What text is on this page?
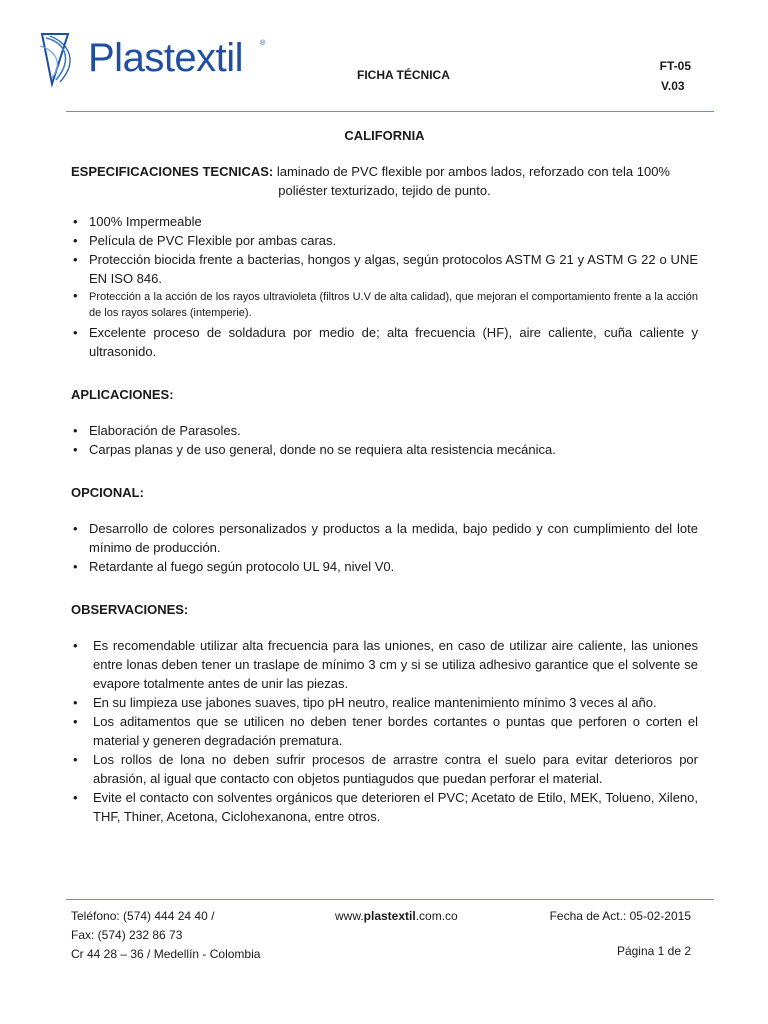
Plastextil ®
FICHA TÉCNICA
FT-05
V.03

CALIFORNIA

ESPECIFICACIONES TECNICAS: laminado de PVC flexible por ambos lados, reforzado con tela 100%

poliéster texturizado, tejido de punto.

• 100% Impermeable
• Película de PVC Flexible por ambas caras.
• Protección biocida frente a bacterias, hongos y algas, según protocolos ASTM G 21 y ASTM G 22 o UNE EN ISO 846.
• Protección a la acción de los rayos ultravioleta (filtros U.V de alta calidad), que mejoran el comportamiento frente a la acción de los rayos solares (intemperie).
• Excelente proceso de soldadura por medio de; alta frecuencia (HF), aire caliente, cuña caliente y ultrasonido.

APLICACIONES:

• Elaboración de Parasoles.
• Carpas planas y de uso general, donde no se requiera alta resistencia mecánica.

OPCIONAL:

• Desarrollo de colores personalizados y productos a la medida, bajo pedido y con cumplimiento del lote mínimo de producción.
• Retardante al fuego según protocolo UL 94, nivel V0.

OBSERVACIONES:

• Es recomendable utilizar alta frecuencia para las uniones, en caso de utilizar aire caliente, las uniones entre lonas deben tener un traslape de mínimo 3 cm y si se utiliza adhesivo garantice que el solvente se evapore totalmente antes de unir las piezas.
• En su limpieza use jabones suaves, tipo pH neutro, realice mantenimiento mínimo 3 veces al año.
• Los aditamentos que se utilicen no deben tener bordes cortantes o puntas que perforen o corten el material y generen degradación prematura.
• Los rollos de lona no deben sufrir procesos de arrastre contra el suelo para evitar deterioros por abrasión, al igual que contacto con objetos puntiagudos que puedan perforar el material.
• Evite el contacto con solventes orgánicos que deterioren el PVC; Acetato de Etilo, MEK, Tolueno, Xileno, THF, Thiner, Acetona, Ciclohexanona, entre otros.
Teléfono: (574) 444 24 40 /
Fax: (574) 232 86 73
Cr 44 28 – 36 / Medellín - Colombia
www.plastextil.com.co	Fecha de Act.: 05-02-2015
Página 1 de 2
